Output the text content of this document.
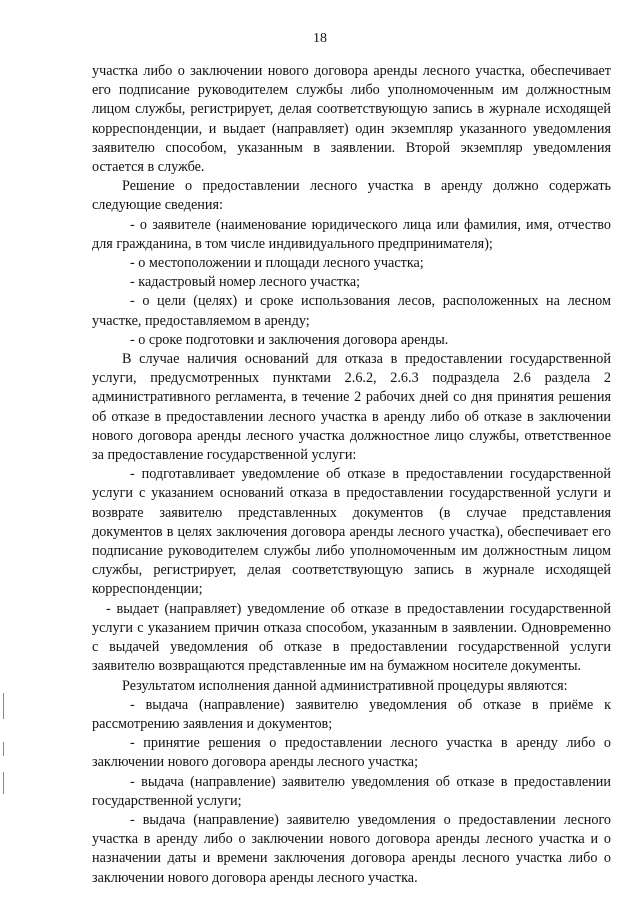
18

участка либо о заключении нового договора аренды лесного участка, обеспечивает его подписание руководителем службы либо уполномоченным им должностным лицом службы, регистрирует, делая соответствующую запись в журнале исходящей корреспонденции, и выдает (направляет) один экземпляр указанного уведомления заявителю способом, указанным в заявлении. Второй экземпляр уведомления остается в службе.

Решение о предоставлении лесного участка в аренду должно содержать следующие сведения:

- о заявителе (наименование юридического лица или фамилия, имя, отчество для гражданина, в том числе индивидуального предпринимателя);

- о местоположении и площади лесного участка;

- кадастровый номер лесного участка;

- о цели (целях) и сроке использования лесов, расположенных на лесном участке, предоставляемом в аренду;

- о сроке подготовки и заключения договора аренды.

В случае наличия оснований для отказа в предоставлении государственной услуги, предусмотренных пунктами 2.6.2, 2.6.3 подраздела 2.6 раздела 2 административного регламента, в течение 2 рабочих дней со дня принятия решения об отказе в предоставлении лесного участка в аренду либо об отказе в заключении нового договора аренды лесного участка должностное лицо службы, ответственное за предоставление государственной услуги:

- подготавливает уведомление об отказе в предоставлении государственной услуги с указанием оснований отказа в предоставлении государственной услуги и возврате заявителю представленных документов (в случае представления документов в целях заключения договора аренды лесного участка), обеспечивает его подписание руководителем службы либо уполномоченным им должностным лицом службы, регистрирует, делая соответствующую запись в журнале исходящей корреспонденции;

- выдает (направляет) уведомление об отказе в предоставлении государственной услуги с указанием причин отказа способом, указанным в заявлении. Одновременно с выдачей уведомления об отказе в предоставлении государственной услуги заявителю возвращаются представленные им на бумажном носителе документы.

Результатом исполнения данной административной процедуры являются:

- выдача (направление) заявителю уведомления об отказе в приёме к рассмотрению заявления и документов;

- принятие решения о предоставлении лесного участка в аренду либо о заключении нового договора аренды лесного участка;

- выдача (направление) заявителю уведомления об отказе в предоставлении государственной услуги;

- выдача (направление) заявителю уведомления о предоставлении лесного участка в аренду либо о заключении нового договора аренды лесного участка и о назначении даты и времени заключения договора аренды лесного участка либо о заключении нового договора аренды лесного участка.
